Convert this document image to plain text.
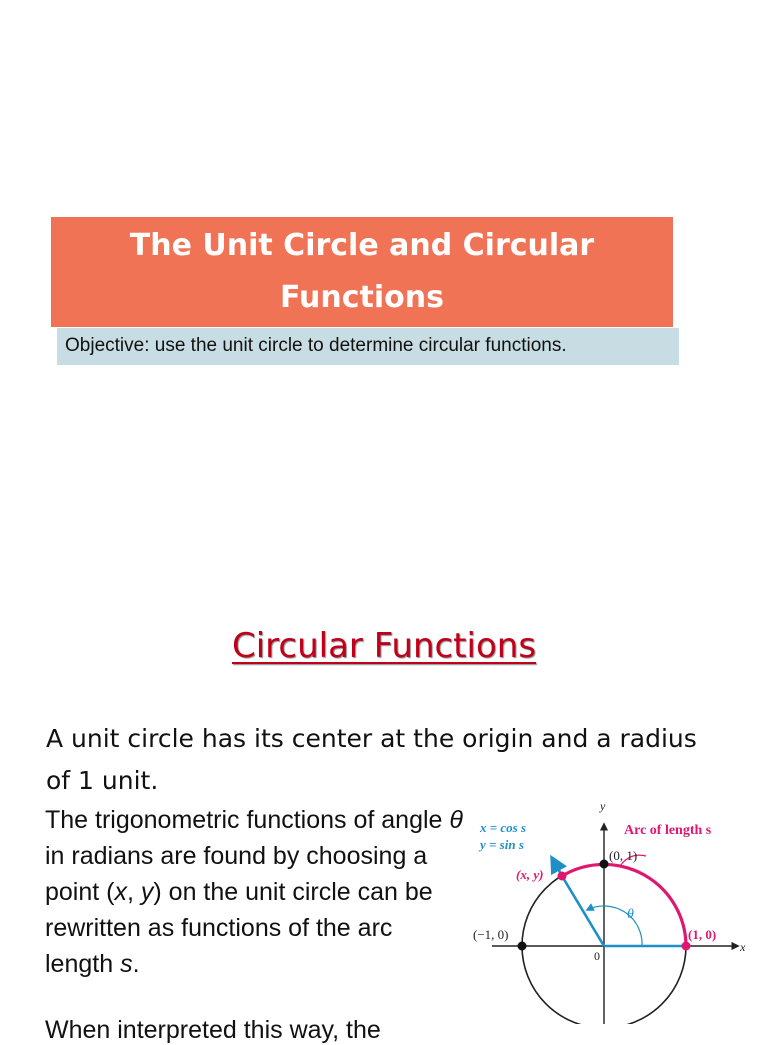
The Unit Circle and Circular Functions
Objective: use the unit circle to determine circular functions.
Circular Functions
A unit circle has its center at the origin and a radius of 1 unit.
The trigonometric functions of angle θ in radians are found by choosing a point (x, y) on the unit circle can be rewritten as functions of the arc length s.
When interpreted this way, the
x = cos s
y = sin s
y
x
Arc of length s
(0, 1)
(x, y)
(−1, 0)	(1, 0)
0
θ
